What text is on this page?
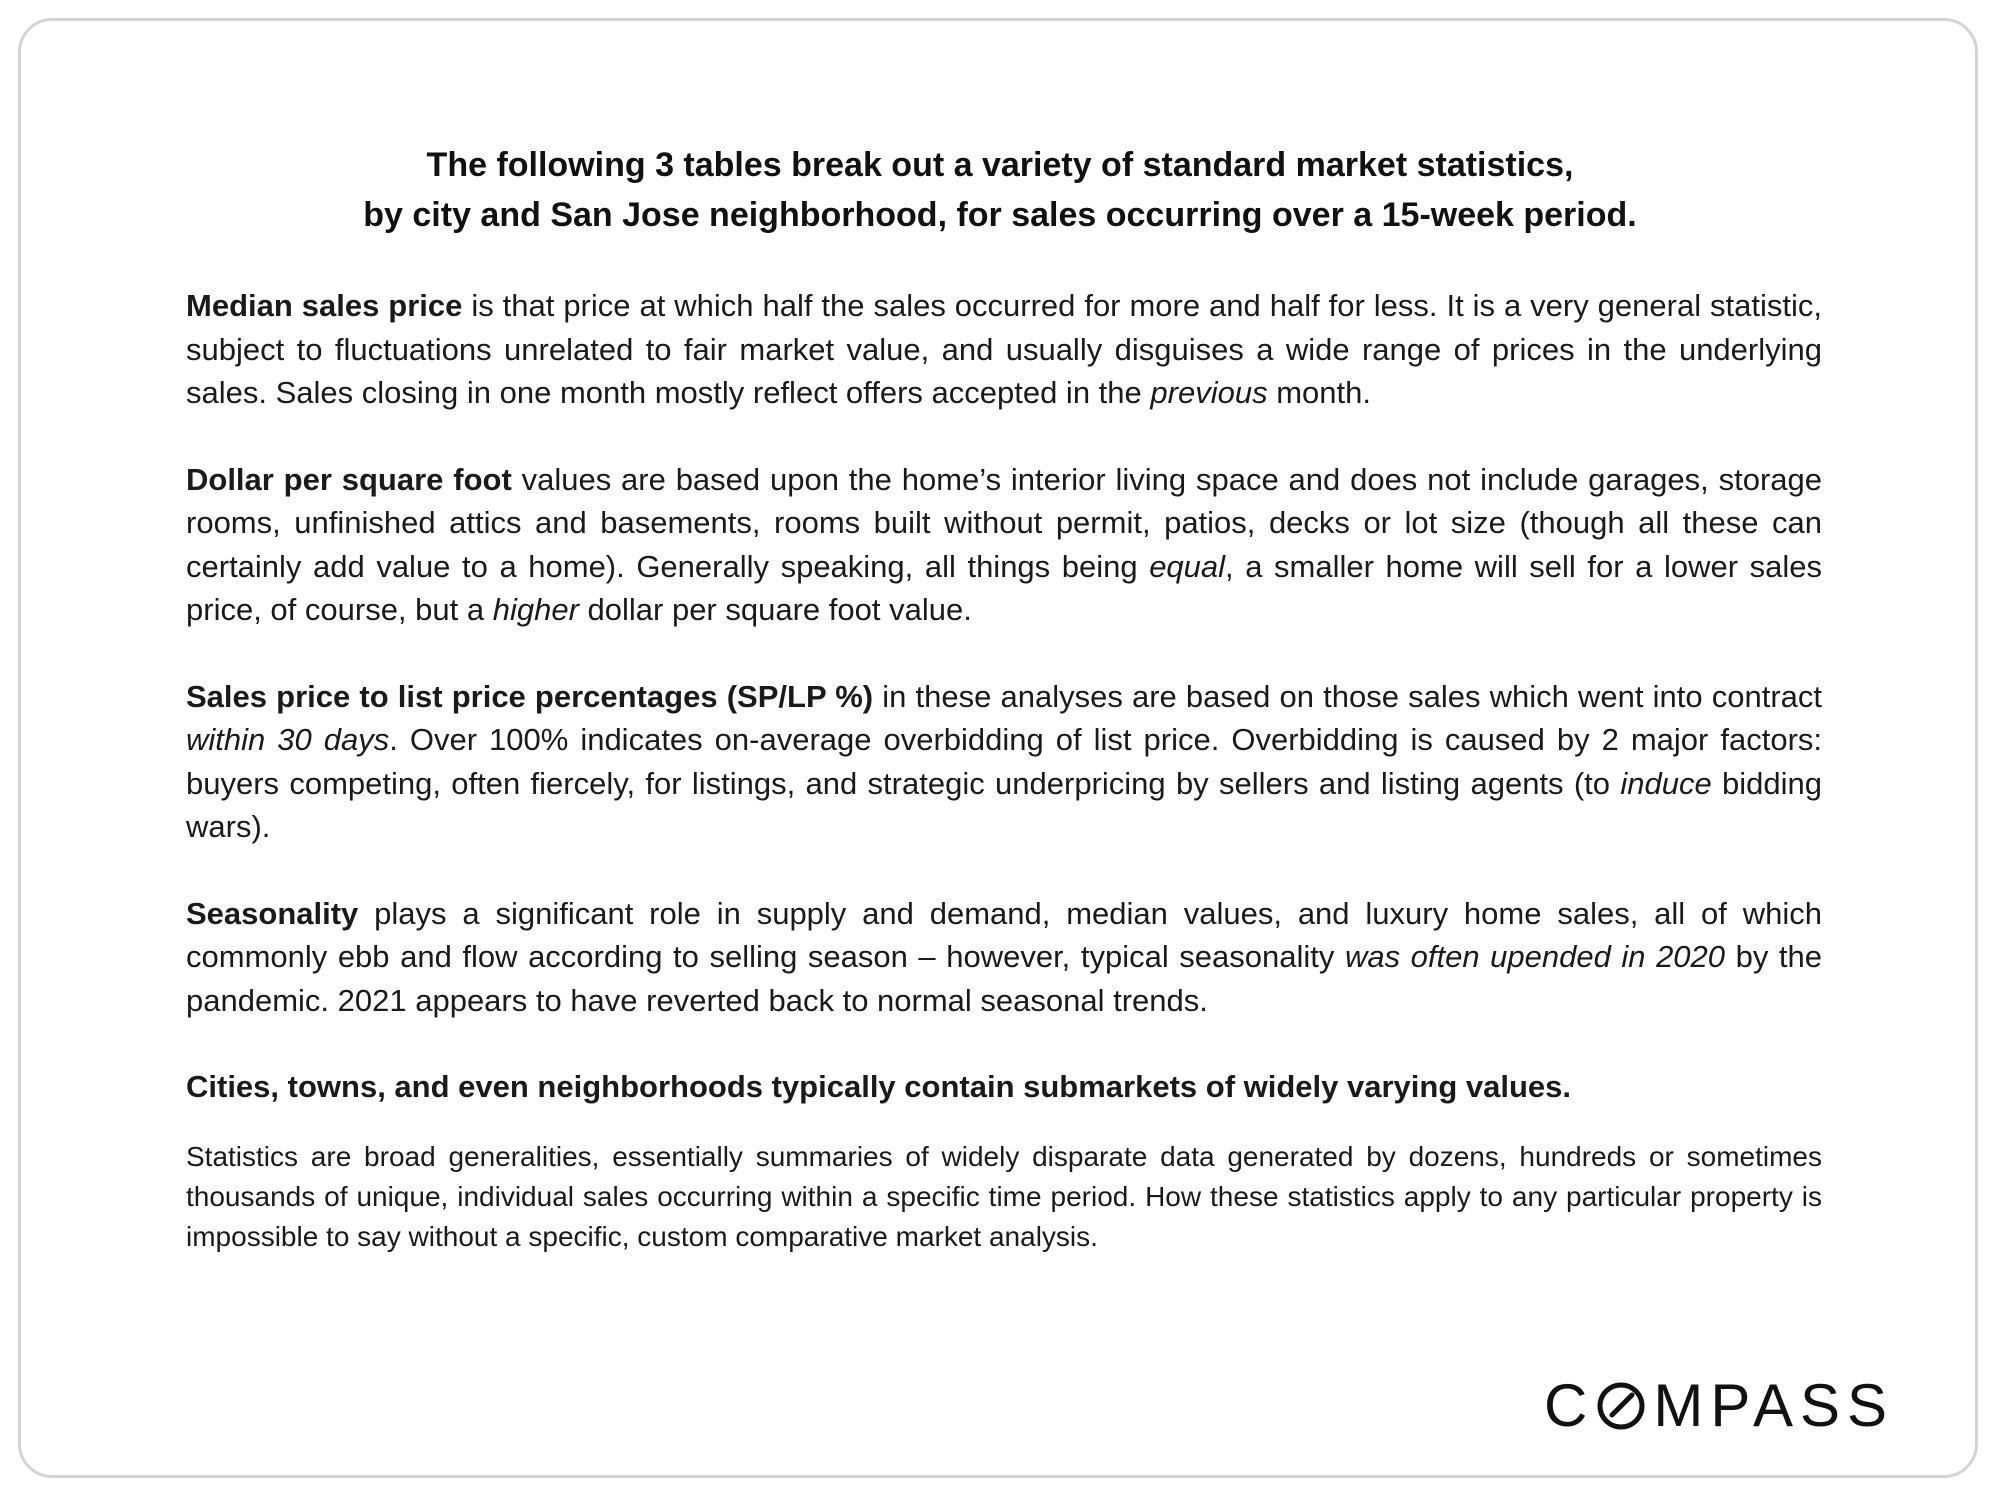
The following 3 tables break out a variety of standard market statistics,
by city and San Jose neighborhood, for sales occurring over a 15-week period.

Median sales price is that price at which half the sales occurred for more and half for less. It is a very general statistic, subject to fluctuations unrelated to fair market value, and usually disguises a wide range of prices in the underlying sales. Sales closing in one month mostly reflect offers accepted in the previous month.

Dollar per square foot values are based upon the home’s interior living space and does not include garages, storage rooms, unfinished attics and basements, rooms built without permit, patios, decks or lot size (though all these can certainly add value to a home). Generally speaking, all things being equal, a smaller home will sell for a lower sales price, of course, but a higher dollar per square foot value.

Sales price to list price percentages (SP/LP %) in these analyses are based on those sales which went into contract within 30 days. Over 100% indicates on-average overbidding of list price. Overbidding is caused by 2 major factors: buyers competing, often fiercely, for listings, and strategic underpricing by sellers and listing agents (to induce bidding wars).

Seasonality plays a significant role in supply and demand, median values, and luxury home sales, all of which commonly ebb and flow according to selling season – however, typical seasonality was often upended in 2020 by the pandemic. 2021 appears to have reverted back to normal seasonal trends.

Cities, towns, and even neighborhoods typically contain submarkets of widely varying values.

Statistics are broad generalities, essentially summaries of widely disparate data generated by dozens, hundreds or sometimes thousands of unique, individual sales occurring within a specific time period. How these statistics apply to any particular property is impossible to say without a specific, custom comparative market analysis.

C MPASS
